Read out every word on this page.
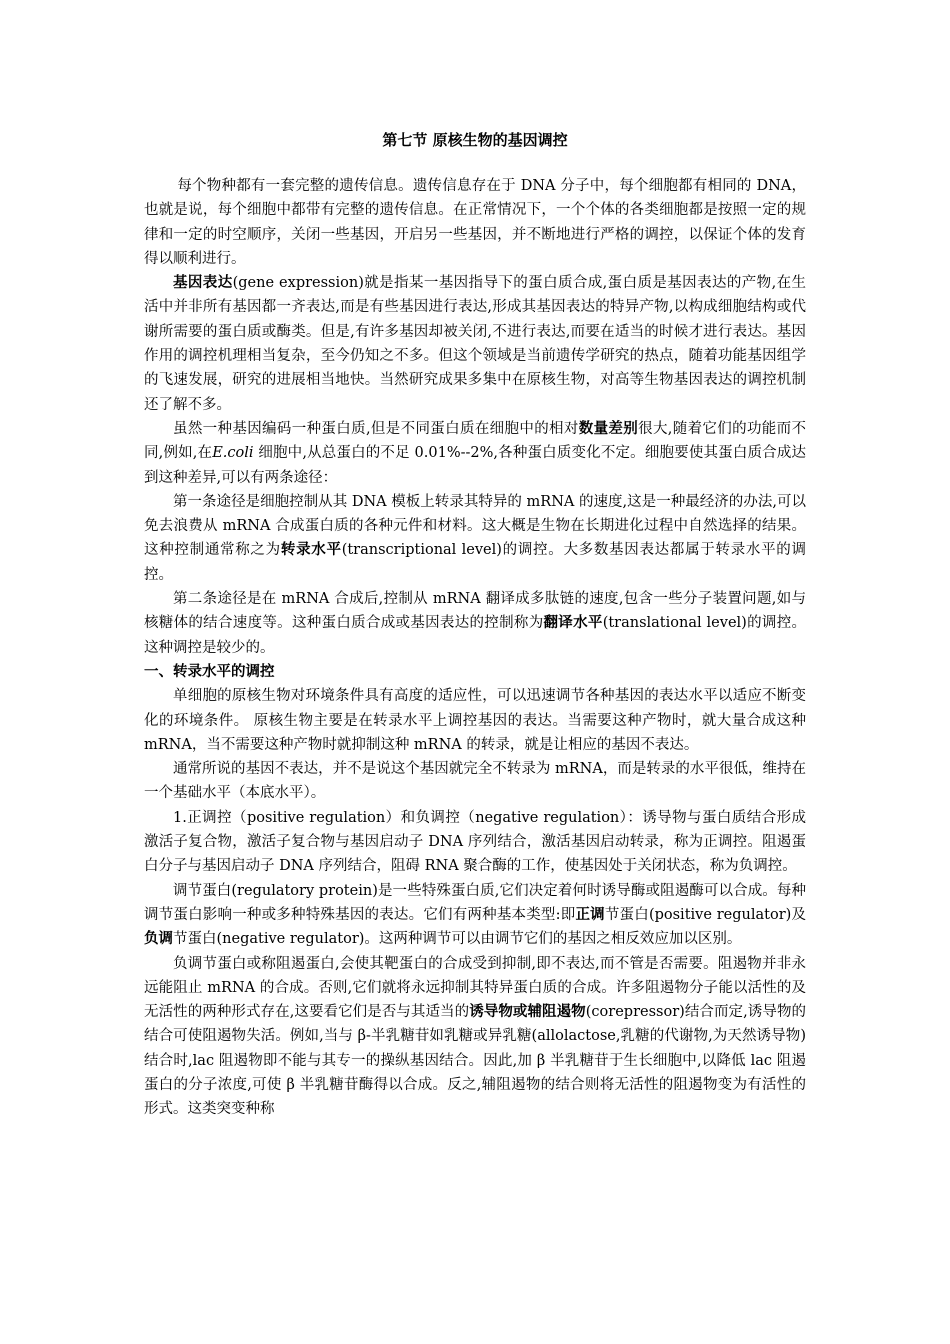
第七节 原核生物的基因调控

每个物种都有一套完整的遗传信息。遗传信息存在于 DNA 分子中，每个细胞都有相同的 DNA，也就是说，每个细胞中都带有完整的遗传信息。在正常情况下，一个个体的各类细胞都是按照一定的规律和一定的时空顺序，关闭一些基因，开启另一些基因，并不断地进行严格的调控，以保证个体的发育得以顺利进行。

基因表达(gene expression)就是指某一基因指导下的蛋白质合成,蛋白质是基因表达的产物,在生活中并非所有基因都一齐表达,而是有些基因进行表达,形成其基因表达的特异产物,以构成细胞结构或代谢所需要的蛋白质或酶类。但是,有许多基因却被关闭,不进行表达,而要在适当的时候才进行表达。基因作用的调控机理相当复杂，至今仍知之不多。但这个领域是当前遗传学研究的热点，随着功能基因组学的飞速发展，研究的进展相当地快。当然研究成果多集中在原核生物，对高等生物基因表达的调控机制还了解不多。

虽然一种基因编码一种蛋白质,但是不同蛋白质在细胞中的相对数量差别很大,随着它们的功能而不同,例如,在E.coli 细胞中,从总蛋白的不足 0.01%--2%,各种蛋白质变化不定。细胞要使其蛋白质合成达到这种差异,可以有两条途径：

第一条途径是细胞控制从其 DNA 模板上转录其特异的 mRNA 的速度,这是一种最经济的办法,可以免去浪费从 mRNA 合成蛋白质的各种元件和材料。这大概是生物在长期进化过程中自然选择的结果。这种控制通常称之为转录水平(transcriptional level)的调控。大多数基因表达都属于转录水平的调控。

第二条途径是在 mRNA 合成后,控制从 mRNA 翻译成多肽链的速度,包含一些分子装置问题,如与核糖体的结合速度等。这种蛋白质合成或基因表达的控制称为翻译水平(translational level)的调控。这种调控是较少的。

一、转录水平的调控

单细胞的原核生物对环境条件具有高度的适应性，可以迅速调节各种基因的表达水平以适应不断变化的环境条件。 原核生物主要是在转录水平上调控基因的表达。当需要这种产物时，就大量合成这种 mRNA，当不需要这种产物时就抑制这种 mRNA 的转录，就是让相应的基因不表达。

通常所说的基因不表达，并不是说这个基因就完全不转录为 mRNA，而是转录的水平很低，维持在一个基础水平（本底水平）。

1.正调控（positive regulation）和负调控（negative regulation）：诱导物与蛋白质结合形成激活子复合物，激活子复合物与基因启动子 DNA 序列结合，激活基因启动转录，称为正调控。阻遏蛋白分子与基因启动子 DNA 序列结合，阻碍 RNA 聚合酶的工作，使基因处于关闭状态，称为负调控。

调节蛋白(regulatory protein)是一些特殊蛋白质,它们决定着何时诱导酶或阻遏酶可以合成。每种调节蛋白影响一种或多种特殊基因的表达。它们有两种基本类型:即正调节蛋白(positive regulator)及负调节蛋白(negative regulator)。这两种调节可以由调节它们的基因之相反效应加以区别。

负调节蛋白或称阻遏蛋白,会使其靶蛋白的合成受到抑制,即不表达,而不管是否需要。阻遏物并非永远能阻止 mRNA 的合成。否则,它们就将永远抑制其特异蛋白质的合成。许多阻遏物分子能以活性的及无活性的两种形式存在,这要看它们是否与其适当的诱导物或辅阻遏物(corepressor)结合而定,诱导物的结合可使阻遏物失活。例如,当与 β-半乳糖苷如乳糖或异乳糖(allolactose,乳糖的代谢物,为天然诱导物)结合时,lac 阻遏物即不能与其专一的操纵基因结合。因此,加 β 半乳糖苷于生长细胞中,以降低 lac 阻遏蛋白的分子浓度,可使 β 半乳糖苷酶得以合成。反之,辅阻遏物的结合则将无活性的阻遏物变为有活性的形式。这类突变种称
